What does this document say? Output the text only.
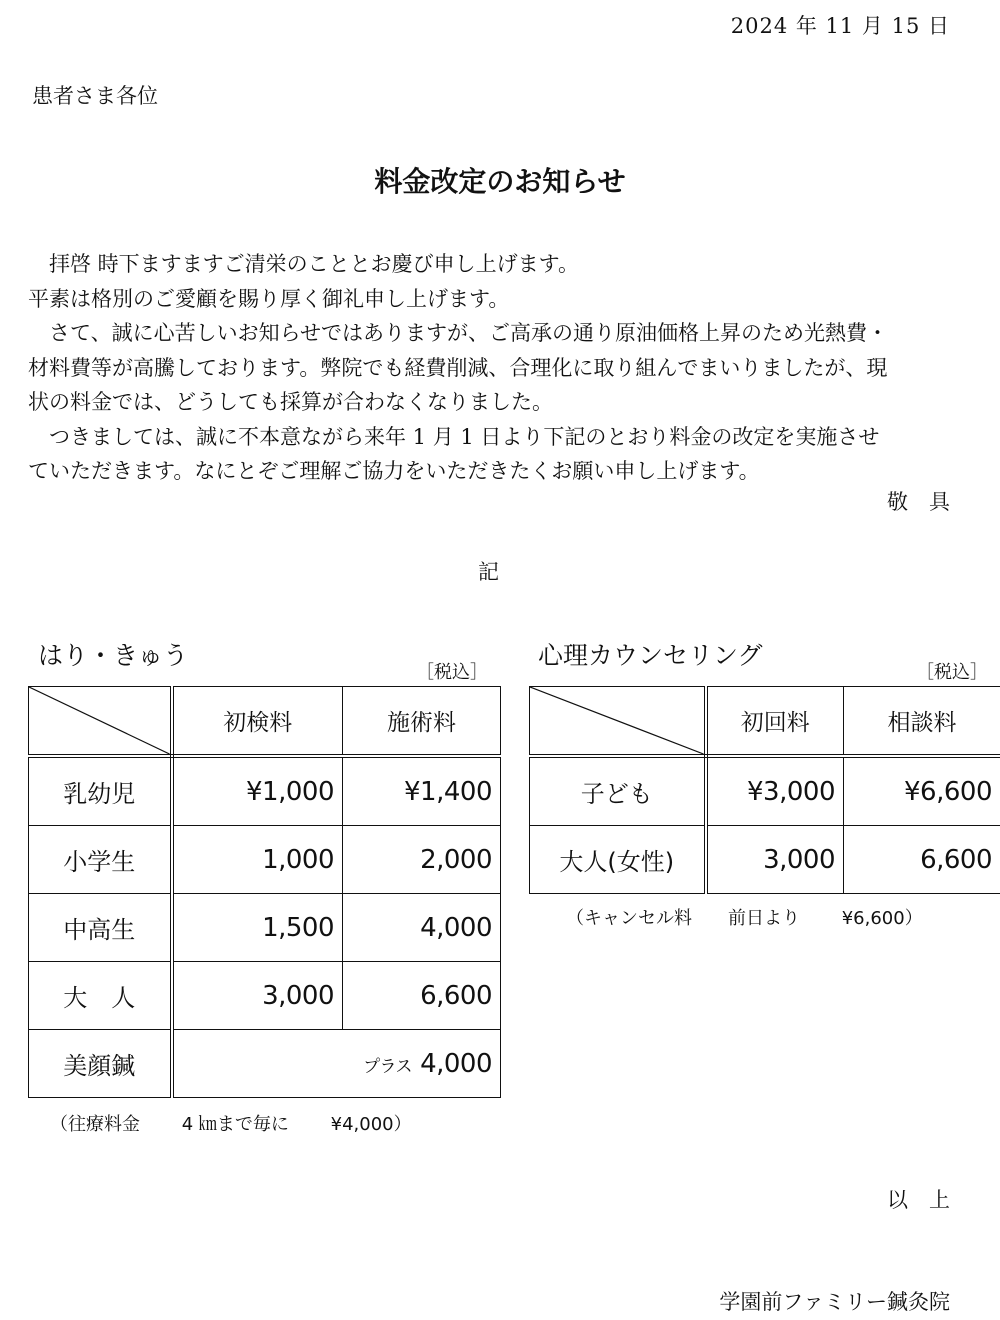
2024 年 11 月 15 日
患者さま各位
料金改定のお知らせ

　拝啓 時下ますますご清栄のこととお慶び申し上げます。

平素は格別のご愛顧を賜り厚く御礼申し上げます。

　さて、誠に心苦しいお知らせではありますが、ご高承の通り原油価格上昇のため光熱費・

材料費等が高騰しております。弊院でも経費削減、合理化に取り組んでまいりましたが、現

状の料金では、どうしても採算が合わなくなりました。

　つきましては、誠に不本意ながら来年 1 月 1 日より下記のとおり料金の改定を実施させ

ていただきます。なにとぞご理解ご協力をいただきたくお願い申し上げます。

敬　具
記
はり・きゅう
［税込］
	初検料	施術料
乳幼児	¥1,000	¥1,400
小学生	1,000	2,000
中高生	1,500	4,000
大　人	3,000	6,600
美顔鍼	プラス 4,000	
（往療料金　　 4 ㎞まで毎に　　 ¥4,000）
心理カウンセリング
［税込］
	初回料	相談料
子ども	¥3,000	¥6,600
大人(女性)	3,000	6,600
（キャンセル料　　前日より　　 ¥6,600）
以　上
学園前ファミリー鍼灸院
